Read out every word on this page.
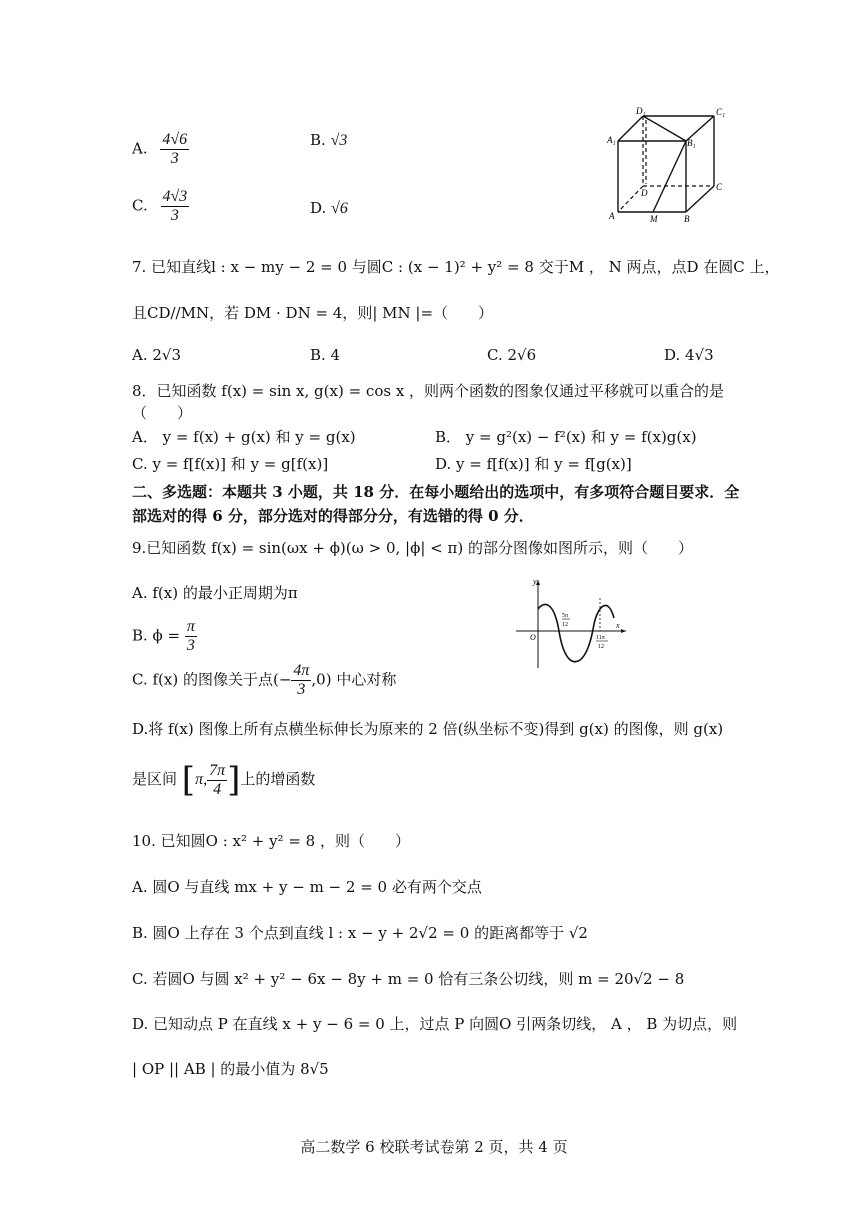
A. $\frac{4√6}{3}$	B. √3
C. $\frac{4√3}{3}$	D. √6
D₁	C₁
A₁	B₁
D
C
A	M	B
7. 已知直线l : x − my − 2 = 0 与圆C : (x − 1)² + y² = 8 交于M ， N 两点，点D 在圆C 上，
且CD//MN，若 DM · DN = 4，则| MN |=（　　）
A. 2√3	B. 4	C. 2√6	D. 4√3
8．已知函数 f(x) = sin x, g(x) = cos x ，则两个函数的图象仅通过平移就可以重合的是
（　　）
A． y = f(x) + g(x) 和 y = g(x)	B． y = g²(x) − f²(x) 和 y = f(x)g(x)
C. y = f[f(x)] 和 y = g[f(x)]	D. y = f[f(x)] 和 y = f[g(x)]
二、多选题：本题共 3 小题，共 18 分．在每小题给出的选项中，有多项符合题目要求．全
部选对的得 6 分，部分选对的得部分分，有选错的得 0 分．
9.已知函数 f(x) = sin(ωx + ϕ)(ω > 0, |ϕ| < π) 的部分图像如图所示，则（　　）
A. f(x) 的最小正周期为π
B. $\phi = \frac{\pi}{3}$
C. f(x) 的图像关于点(− $\frac{4\pi}{3} ,0$) 中心对称
D.将 f(x) 图像上所有点横坐标伸长为原来的 2 倍(纵坐标不变)得到 g(x) 的图像，则 g(x)
是区间 [π, $\frac{7\pi}{4}$ ]上的增函数
y
x
O
5π
12
11π
12
10. 已知圆O : x² + y² = 8 ，则（　　）
A. 圆O 与直线 mx + y − m − 2 = 0 必有两个交点
B. 圆O 上存在 3 个点到直线 l : x − y + 2√2 = 0 的距离都等于 √2
C. 若圆O 与圆 x² + y² − 6x − 8y + m = 0 恰有三条公切线，则 m = 20√2 − 8
D. 已知动点 P 在直线 x + y − 6 = 0 上，过点 P 向圆O 引两条切线， A ， B 为切点，则
| OP || AB | 的最小值为 8√5
高二数学 6 校联考试卷第 2 页，共 4 页
